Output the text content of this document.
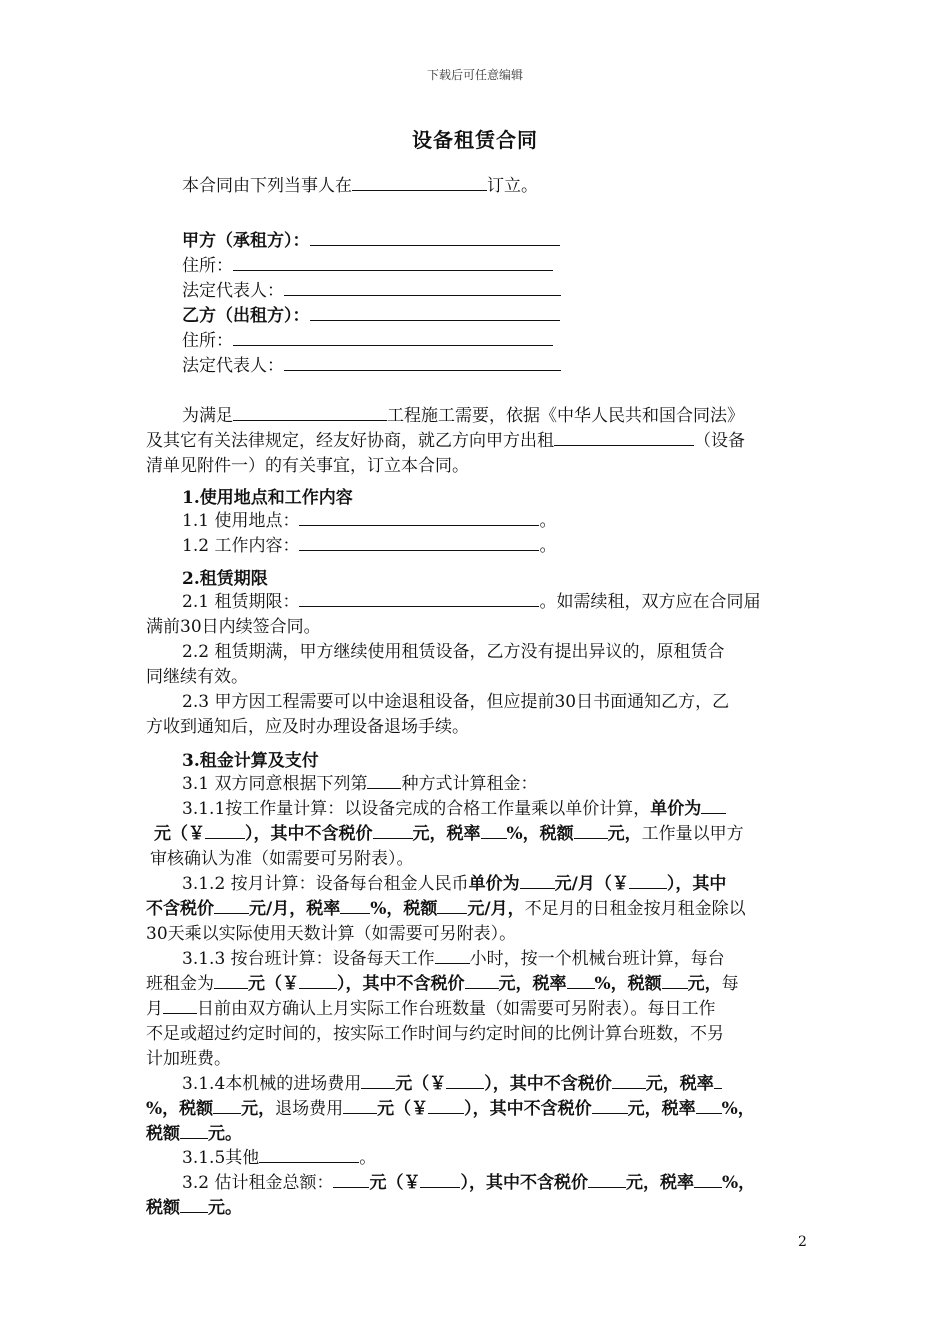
下载后可任意编辑
设备租赁合同
本合同由下列当事人在	订立。
甲方（承租方）：
住所：
法定代表人：
乙方（出租方）：
住所：
法定代表人：
为满足	工程施工需要，依据《中华人民共和国合同法》
及其它有关法律规定，经友好协商，就乙方向甲方出租	（设备
清单见附件一）的有关事宜，订立本合同。
1.使用地点和工作内容
1.1 使用地点：	。
1.2 工作内容：	。
2.租赁期限
2.1 租赁期限：	。如需续租，双方应在合同届
满前30日内续签合同。
2.2 租赁期满，甲方继续使用租赁设备，乙方没有提出异议的，原租赁合
同继续有效。
2.3 甲方因工程需要可以中途退租设备，但应提前30日书面通知乙方，乙
方收到通知后，应及时办理设备退场手续。
3.租金计算及支付
3.1 双方同意根据下列第 种方式计算租金：
3.1.1按工作量计算：以设备完成的合格工作量乘以单价计算，单价为
元（￥ ），其中不含税价 元，税率 %，税额 元，工作量以甲方
审核确认为准（如需要可另附表）。
3.1.2 按月计算：设备每台租金人民币单价为 元/月（￥ ），其中
不含税价 元/月，税率 %，税额 元/月，不足月的日租金按月租金除以
30天乘以实际使用天数计算（如需要可另附表）。
3.1.3 按台班计算：设备每天工作 小时，按一个机械台班计算，每台
班租金为 元（￥ ），其中不含税价 元，税率 %，税额 元，每
月 日前由双方确认上月实际工作台班数量（如需要可另附表）。每日工作
不足或超过约定时间的，按实际工作时间与约定时间的比例计算台班数，不另
计加班费。
3.1.4本机械的进场费用 元（￥ ），其中不含税价 元，税率
%，税额 元，退场费用 元（￥ ），其中不含税价 元，税率 %，
税额 元。
3.1.5其他	。
3.2 估计租金总额： 元（￥ ），其中不含税价 元，税率 %，
税额 元。
2
